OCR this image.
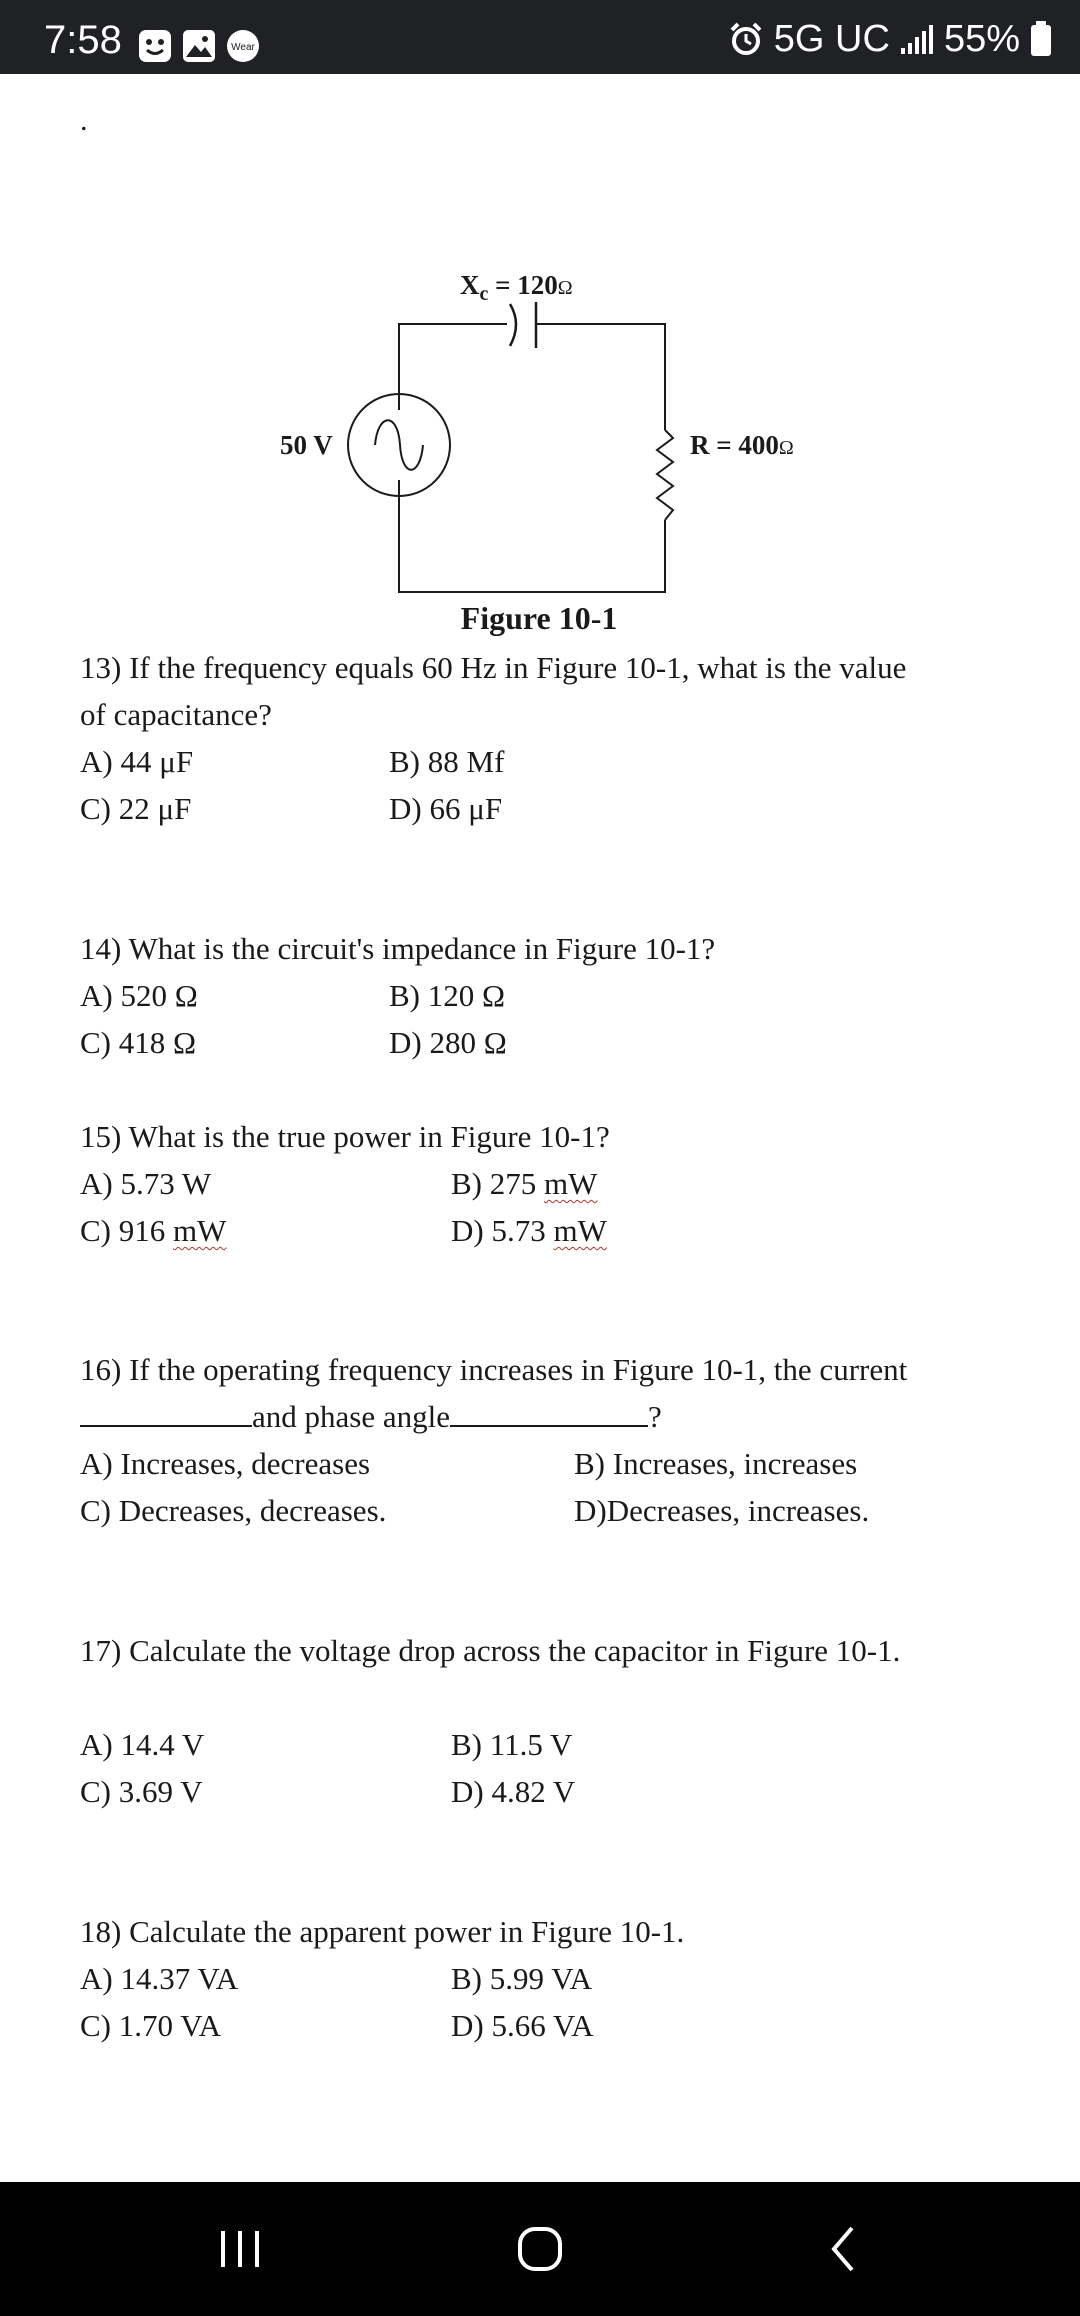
7:58	Wear	5G UC 55%
.
$X_c = 120\Omega$
50 V	R = 400Ω
Figure 10-1
13) If the frequency equals 60 Hz in Figure 10-1, what is the value
of capacitance?
A) 44 μF	B) 88 Mf
C) 22 μF	D) 66 μF
14) What is the circuit's impedance in Figure 10-1?
A) 520 Ω	B) 120 Ω
C) 418 Ω	D) 280 Ω
15) What is the true power in Figure 10-1?
A) 5.73 W	B) 275 mW
C) 916 mW	D) 5.73 mW
16) If the operating frequency increases in Figure 10-1, the current
and phase angle	?
A) Increases, decreases	B) Increases, increases
C) Decreases, decreases.	D)Decreases, increases.
17) Calculate the voltage drop across the capacitor in Figure 10-1.
A) 14.4 V	B) 11.5 V
C) 3.69 V	D) 4.82 V
18) Calculate the apparent power in Figure 10-1.
A) 14.37 VA	B) 5.99 VA
C) 1.70 VA	D) 5.66 VA
